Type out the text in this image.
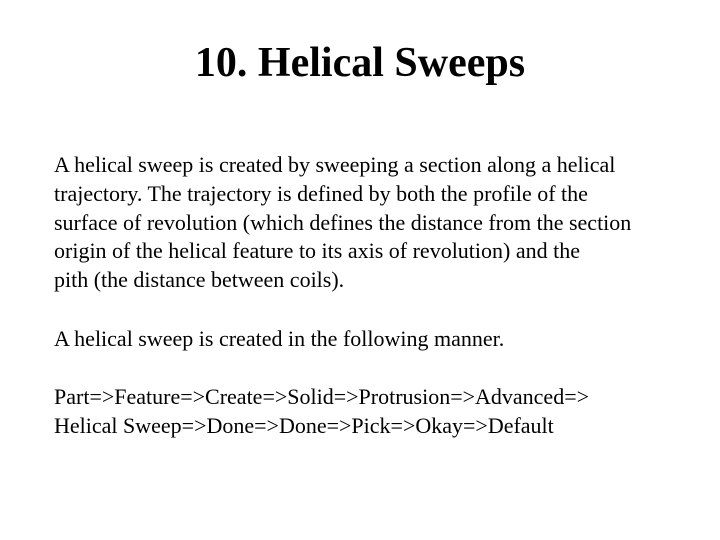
10. Helical Sweeps
A helical sweep is created by sweeping a section along a helical
trajectory. The trajectory is defined by both the profile of the
surface of revolution (which defines the distance from the section
origin of the helical feature to its axis of revolution) and the
pith (the distance between coils).
A helical sweep is created in the following manner.
Part=>Feature=>Create=>Solid=>Protrusion=>Advanced=>
Helical Sweep=>Done=>Done=>Pick=>Okay=>Default
